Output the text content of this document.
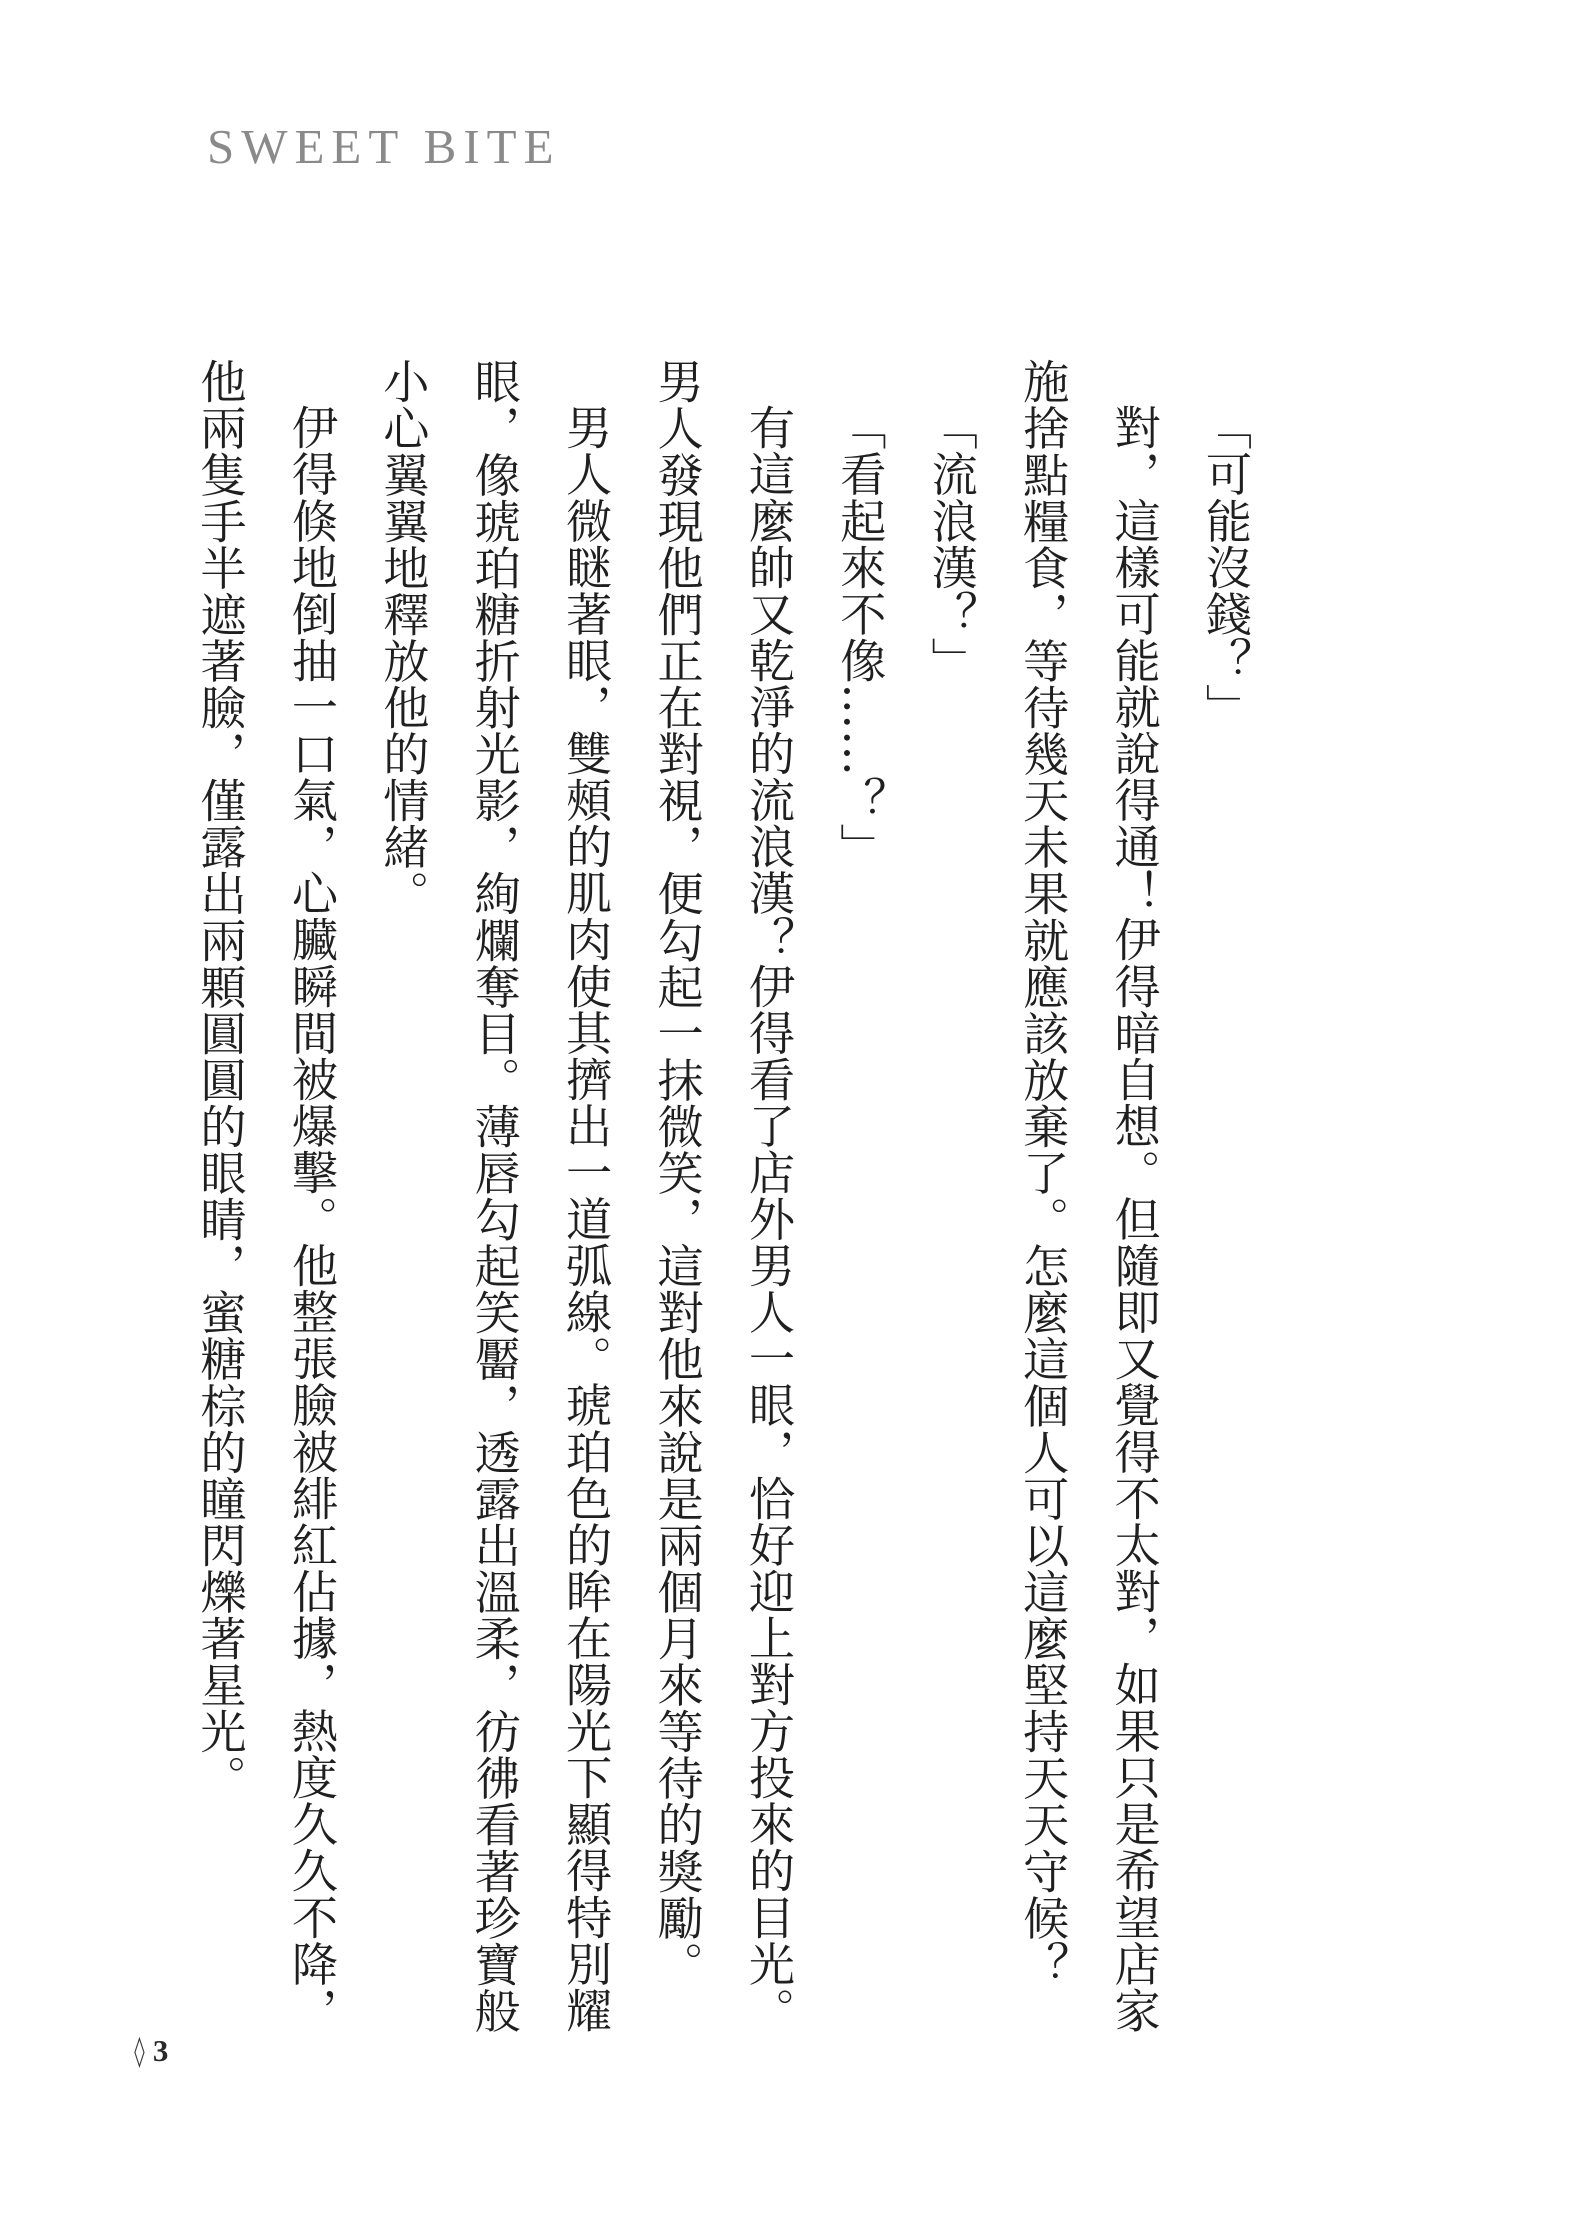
SWEET BITE

「可能沒錢？」

對，這樣可能就說得通！伊得暗自想。但隨即又覺得不太對，如果只是希望店家施捨點糧食，等待幾天未果就應該放棄了。怎麼這個人可以這麼堅持天天守候？

「流浪漢？」

「看起來不像……？」

有這麼帥又乾淨的流浪漢？伊得看了店外男人一眼，恰好迎上對方投來的目光。男人發現他們正在對視，便勾起一抹微笑，這對他來說是兩個月來等待的獎勵。

男人微瞇著眼，雙頰的肌肉使其擠出一道弧線。琥珀色的眸在陽光下顯得特別耀眼，像琥珀糖折射光影，絢爛奪目。薄唇勾起笑靨，透露出溫柔，彷彿看著珍寶般小心翼翼地釋放他的情緒。

伊得倏地倒抽一口氣，心臟瞬間被爆擊。他整張臉被緋紅佔據，熱度久久不降，他兩隻手半遮著臉，僅露出兩顆圓圓的眼睛，蜜糖棕的瞳閃爍著星光。

◊ 3
